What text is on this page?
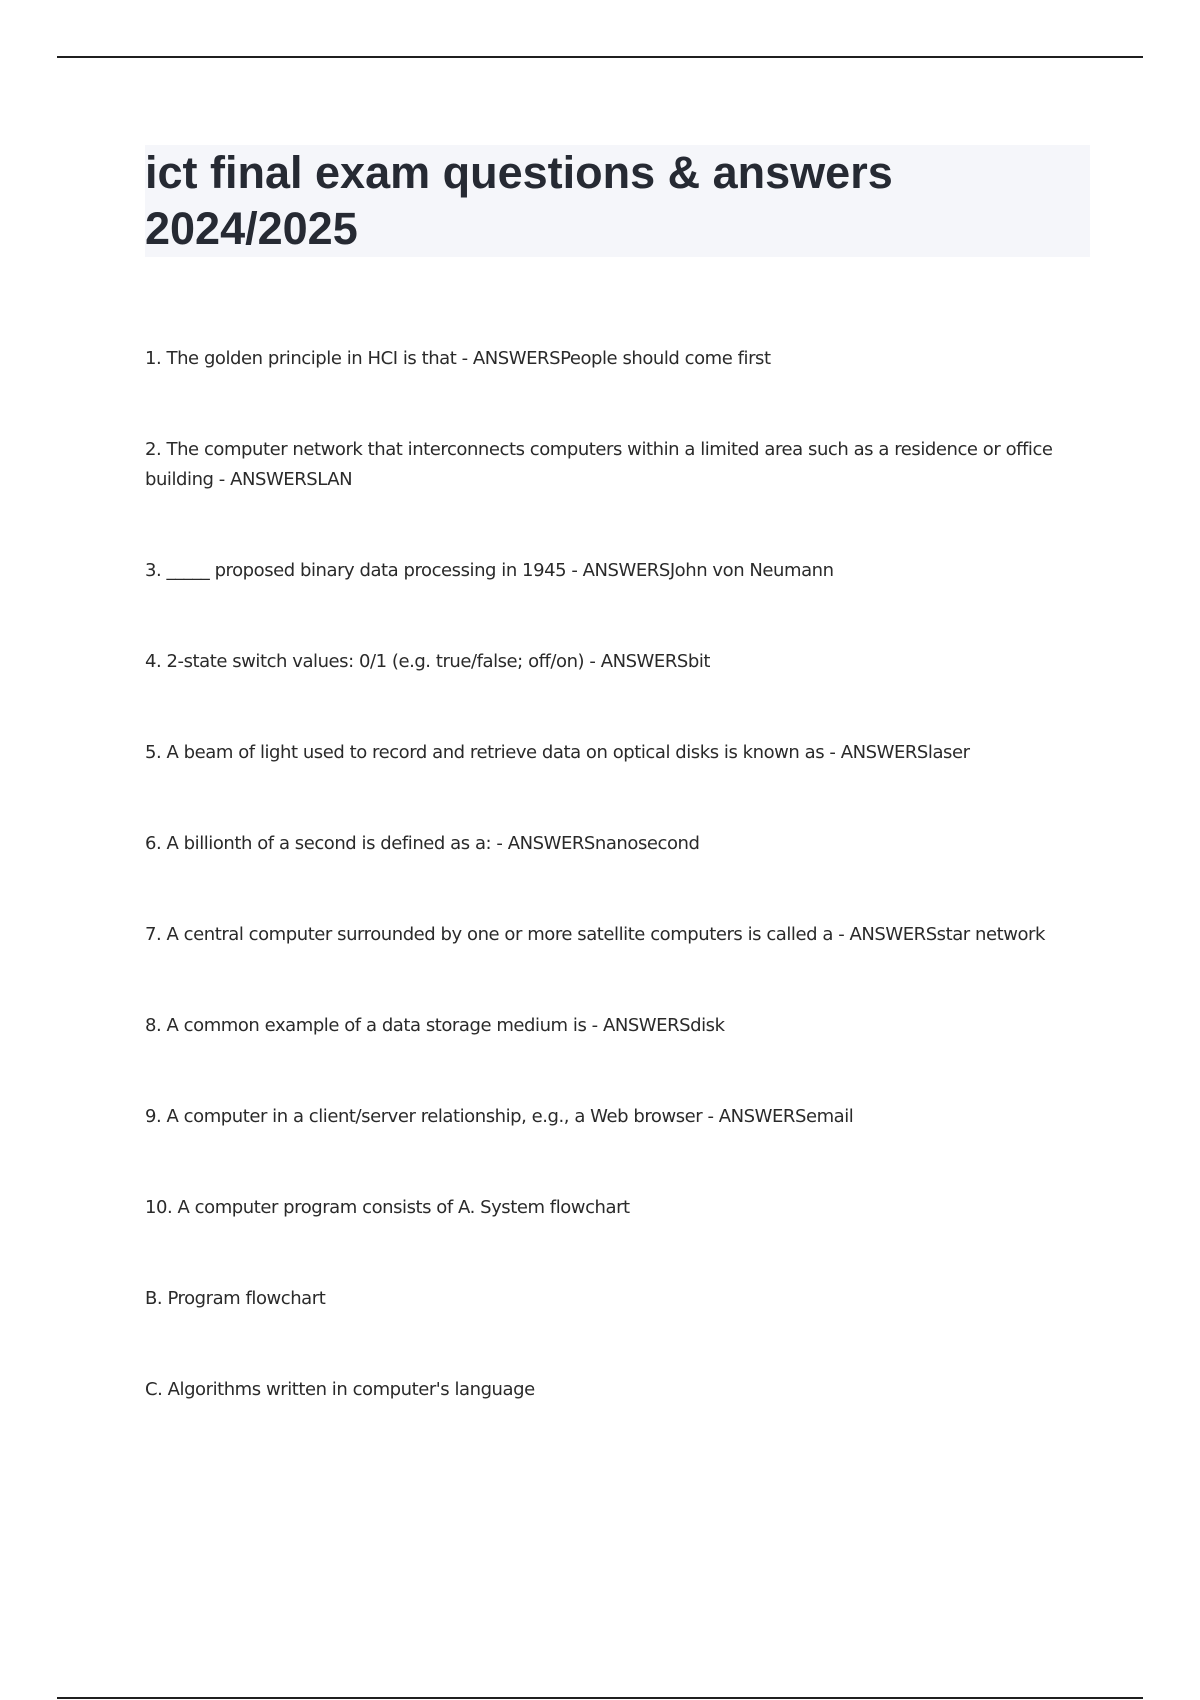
ict final exam questions & answers 2024/2025
1. The golden principle in HCI is that - ANSWERSPeople should come first
2. The computer network that interconnects computers within a limited area such as a residence or office building - ANSWERSLAN
3. _____ proposed binary data processing in 1945 - ANSWERSJohn von Neumann
4. 2-state switch values: 0/1 (e.g. true/false; off/on) - ANSWERSbit
5. A beam of light used to record and retrieve data on optical disks is known as - ANSWERSlaser
6. A billionth of a second is defined as a: - ANSWERSnanosecond
7. A central computer surrounded by one or more satellite computers is called a - ANSWERSstar network
8. A common example of a data storage medium is - ANSWERSdisk
9. A computer in a client/server relationship, e.g., a Web browser - ANSWERSemail
10. A computer program consists of A. System flowchart
B. Program flowchart
C. Algorithms written in computer's language
